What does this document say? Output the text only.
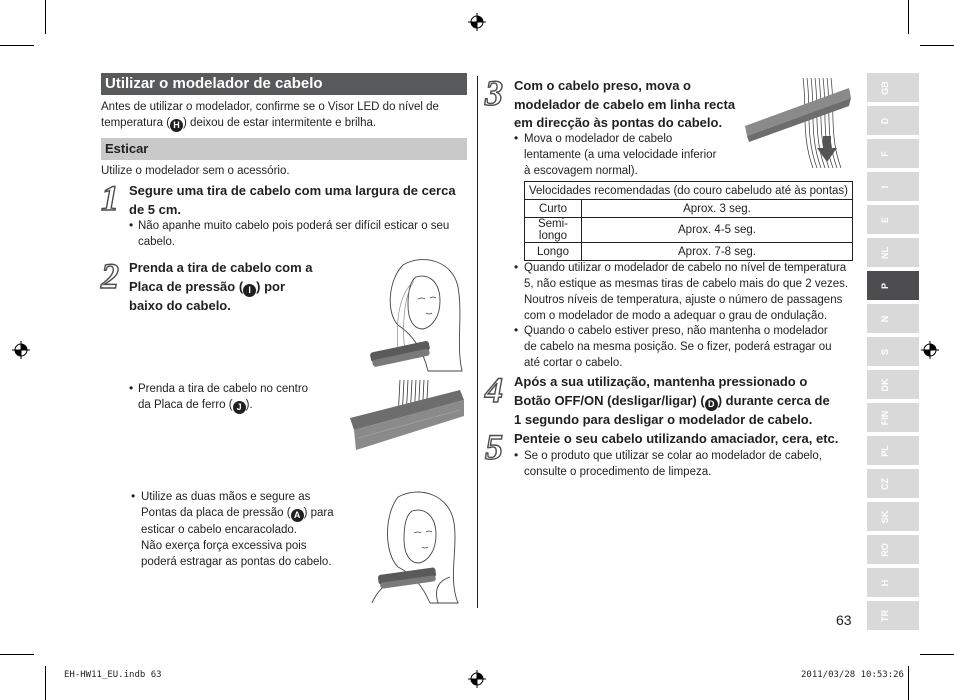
Utilizar o modelador de cabelo
Antes de utilizar o modelador, confirme se o Visor LED do nível de
temperatura ( H ) deixou de estar intermitente e brilha.
Esticar
Utilize o modelador sem o acessório.
1 Segure uma tira de cabelo com uma largura de cerca
de 5 cm.
• Não apanhe muito cabelo pois poderá ser difícil esticar o seu
cabelo.
2 Prenda a tira de cabelo com a
Placa de pressão ( I ) por
baixo do cabelo.
• Prenda a tira de cabelo no centro
da Placa de ferro ( J ).
• Utilize as duas mãos e segure as
Pontas da placa de pressão ( A ) para
esticar o cabelo encaracolado.
Não exerça força excessiva pois
poderá estragar as pontas do cabelo.
3 Com o cabelo preso, mova o
modelador de cabelo em linha recta
em direcção às pontas do cabelo.
• Mova o modelador de cabelo
lentamente (a uma velocidade inferior
à escovagem normal).
Velocidades recomendadas (do couro cabeludo até às pontas)	
Curto	Aprox. 3 seg.
Semi-longo	Aprox. 4-5 seg.
Longo	Aprox. 7-8 seg.
• Quando utilizar o modelador de cabelo no nível de temperatura
5, não estique as mesmas tiras de cabelo mais do que 2 vezes.
Noutros níveis de temperatura, ajuste o número de passagens
com o modelador de modo a adequar o grau de ondulação.
• Quando o cabelo estiver preso, não mantenha o modelador
de cabelo na mesma posição. Se o fizer, poderá estragar ou
até cortar o cabelo.
4 Após a sua utilização, mantenha pressionado o
Botão OFF/ON (desligar/ligar) ( D ) durante cerca de
1 segundo para desligar o modelador de cabelo.
5 Penteie o seu cabelo utilizando amaciador, cera, etc.
• Se o produto que utilizar se colar ao modelador de cabelo,
consulte o procedimento de limpeza.
GB
D
F
I
E
NL
P
N
S
DK
FIN
PL
CZ
SK
RO
H
TR
63
EH-HW11_EU.indb 63	2011/03/28 10:53:26
